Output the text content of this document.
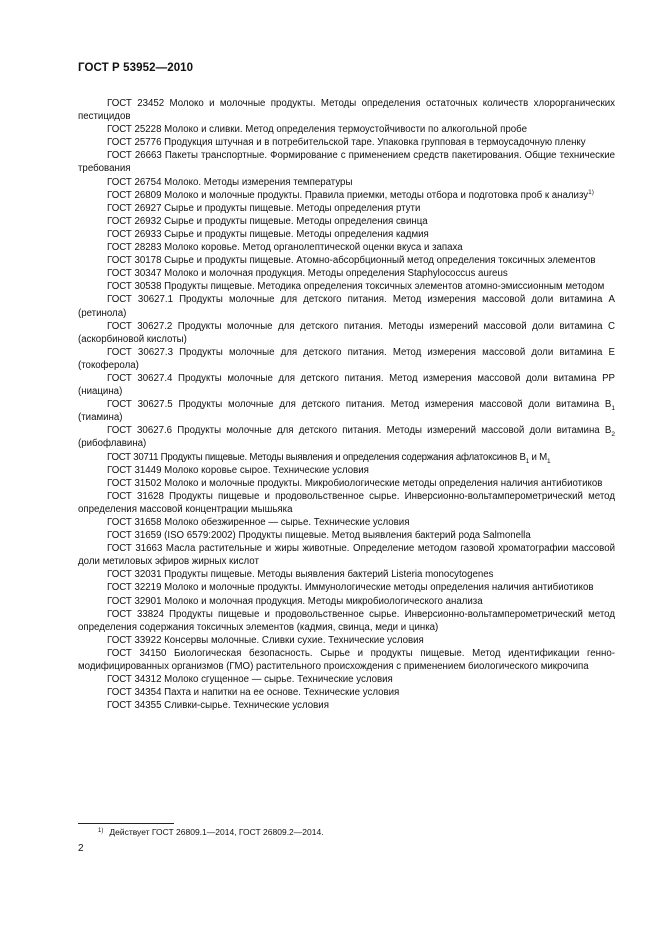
ГОСТ Р 53952—2010

ГОСТ 23452 Молоко и молочные продукты. Методы определения остаточных количеств хлорорганических пестицидов

ГОСТ 25228 Молоко и сливки. Метод определения термоустойчивости по алкогольной пробе

ГОСТ 25776 Продукция штучная и в потребительской таре. Упаковка групповая в термоусадочную пленку

ГОСТ 26663 Пакеты транспортные. Формирование с применением средств пакетирования. Общие технические требования

ГОСТ 26754 Молоко. Методы измерения температуры

ГОСТ 26809 Молоко и молочные продукты. Правила приемки, методы отбора и подготовка проб к анализу$^{1)}$

ГОСТ 26927 Сырье и продукты пищевые. Методы определения ртути

ГОСТ 26932 Сырье и продукты пищевые. Методы определения свинца

ГОСТ 26933 Сырье и продукты пищевые. Методы определения кадмия

ГОСТ 28283 Молоко коровье. Метод органолептической оценки вкуса и запаха

ГОСТ 30178 Сырье и продукты пищевые. Атомно-абсорбционный метод определения токсичных элементов

ГОСТ 30347 Молоко и молочная продукция. Методы определения Staphylococcus aureus

ГОСТ 30538 Продукты пищевые. Методика определения токсичных элементов атомно-эмиссионным методом

ГОСТ 30627.1 Продукты молочные для детского питания. Метод измерения массовой доли витамина А (ретинола)

ГОСТ 30627.2 Продукты молочные для детского питания. Методы измерений массовой доли витамина С (аскорбиновой кислоты)

ГОСТ 30627.3 Продукты молочные для детского питания. Метод измерения массовой доли витамина Е (токоферола)

ГОСТ 30627.4 Продукты молочные для детского питания. Метод измерения массовой доли витамина РР (ниацина)

ГОСТ 30627.5 Продукты молочные для детского питания. Метод измерения массовой доли витамина $B_1$ (тиамина)

ГОСТ 30627.6 Продукты молочные для детского питания. Методы измерений массовой доли витамина $B_2$ (рибофлавина)

ГОСТ 30711 Продукты пищевые. Методы выявления и определения содержания афлатоксинов $B_1$ и $M_1$

ГОСТ 31449 Молоко коровье сырое. Технические условия

ГОСТ 31502 Молоко и молочные продукты. Микробиологические методы определения наличия антибиотиков

ГОСТ 31628 Продукты пищевые и продовольственное сырье. Инверсионно-вольтамперометрический метод определения массовой концентрации мышьяка

ГОСТ 31658 Молоко обезжиренное — сырье. Технические условия

ГОСТ 31659 (ISO 6579:2002) Продукты пищевые. Метод выявления бактерий рода Salmonella

ГОСТ 31663 Масла растительные и жиры животные. Определение методом газовой хроматографии массовой доли метиловых эфиров жирных кислот

ГОСТ 32031 Продукты пищевые. Методы выявления бактерий Listeria monocytogenes

ГОСТ 32219 Молоко и молочные продукты. Иммунологические методы определения наличия антибиотиков

ГОСТ 32901 Молоко и молочная продукция. Методы микробиологического анализа

ГОСТ 33824 Продукты пищевые и продовольственное сырье. Инверсионно-вольтамперометрический метод определения содержания токсичных элементов (кадмия, свинца, меди и цинка)

ГОСТ 33922 Консервы молочные. Сливки сухие. Технические условия

ГОСТ 34150 Биологическая безопасность. Сырье и продукты пищевые. Метод идентификации генно-модифицированных организмов (ГМО) растительного происхождения с применением биологического микрочипа

ГОСТ 34312 Молоко сгущенное — сырье. Технические условия

ГОСТ 34354 Пахта и напитки на ее основе. Технические условия

ГОСТ 34355 Сливки-сырье. Технические условия

$^{1)}$ Действует ГОСТ 26809.1—2014, ГОСТ 26809.2—2014.
2
